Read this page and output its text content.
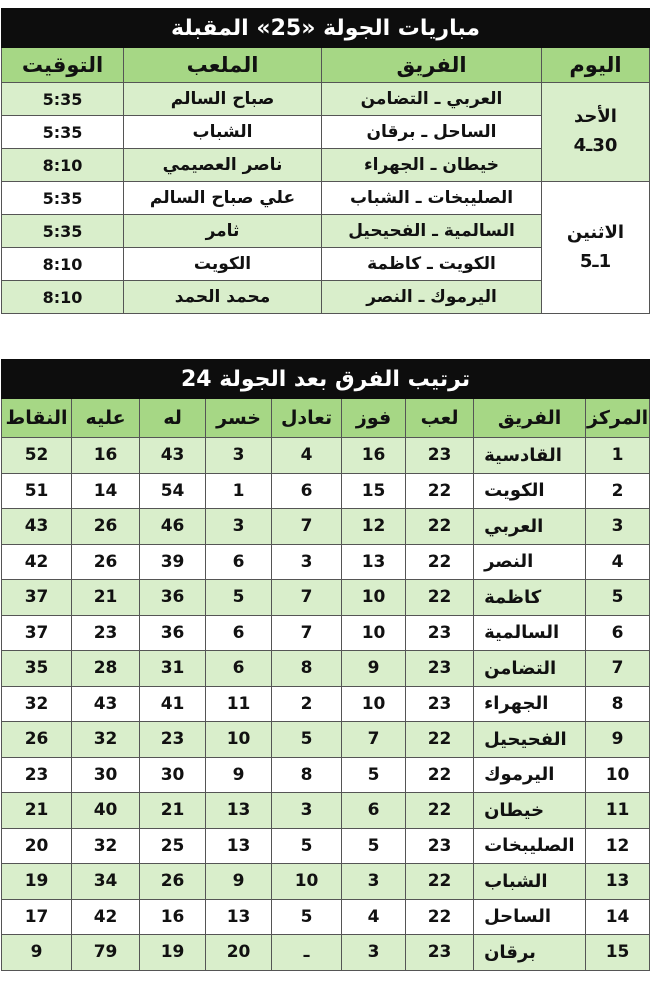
مباريات الجولة «25» المقبلة			
اليوم	الفريق	الملعب	التوقيت

الأحد
30ـ4	العربي ـ التضامن	صباح السالم	5:35
	الساحل ـ برقان	الشباب	5:35
	خيطان ـ الجهراء	ناصر العصيمي	8:10

الاثنين
1ـ5	الصليبخات ـ الشباب	علي صباح السالم	5:35
	السالمية ـ الفحيحيل	ثامر	5:35
	الكويت ـ كاظمة	الكويت	8:10
	اليرموك ـ النصر	محمد الحمد	8:10
ترتيب الفرق بعد الجولة 24								
المركز	الفريق	لعب	فوز	تعادل	خسر	له	عليه	النقاط
1	القادسية	23	16	4	3	43	16	52
2	الكويت	22	15	6	1	54	14	51
3	العربي	22	12	7	3	46	26	43
4	النصر	22	13	3	6	39	26	42
5	كاظمة	22	10	7	5	36	21	37
6	السالمية	23	10	7	6	36	23	37
7	التضامن	23	9	8	6	31	28	35
8	الجهراء	23	10	2	11	41	43	32
9	الفحيحيل	22	7	5	10	23	32	26
10	اليرموك	22	5	8	9	30	30	23
11	خيطان	22	6	3	13	21	40	21
12	الصليبخات	23	5	5	13	25	32	20
13	الشباب	22	3	10	9	26	34	19
14	الساحل	22	4	5	13	16	42	17
15	برقان	23	3	ـ	20	19	79	9
